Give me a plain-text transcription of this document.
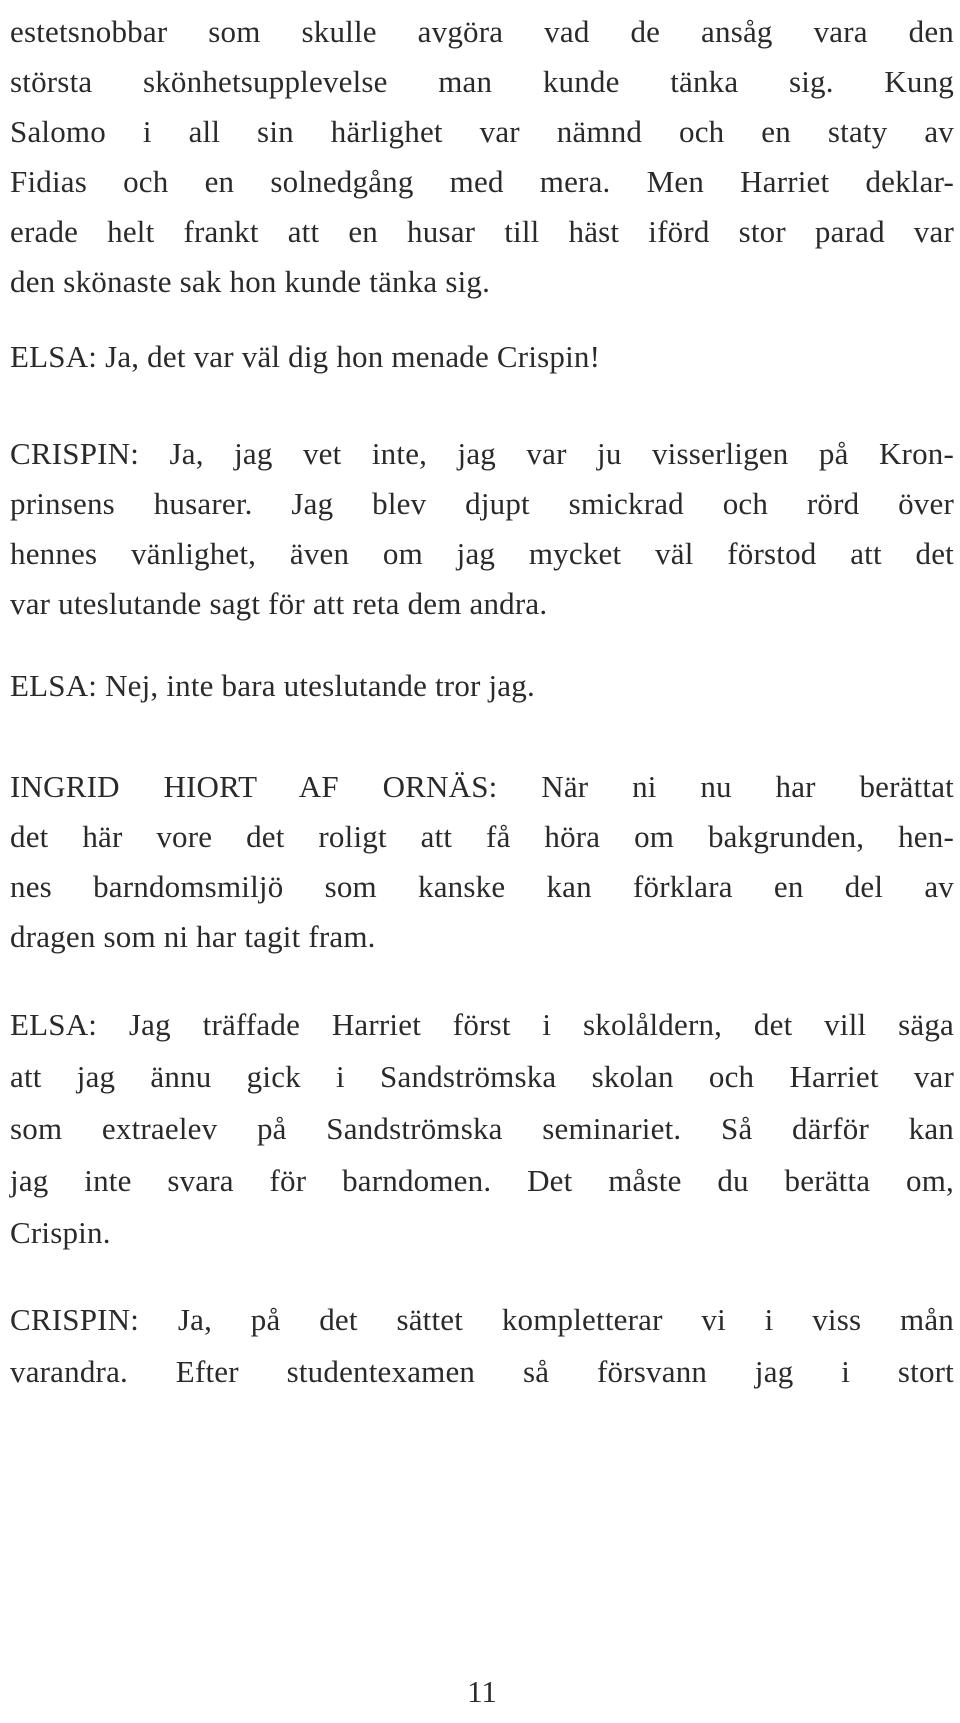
estetsnobbar som skulle avgöra vad de ansåg vara den
största skönhetsupplevelse man kunde tänka sig. Kung
Salomo i all sin härlighet var nämnd och en staty av
Fidias och en solnedgång med mera. Men Harriet deklar-
erade helt frankt att en husar till häst iförd stor parad var
den skönaste sak hon kunde tänka sig.
ELSA: Ja, det var väl dig hon menade Crispin!
CRISPIN: Ja, jag vet inte, jag var ju visserligen på Kron-
prinsens husarer. Jag blev djupt smickrad och rörd över
hennes vänlighet, även om jag mycket väl förstod att det
var uteslutande sagt för att reta dem andra.
ELSA: Nej, inte bara uteslutande tror jag.
INGRID HIORT AF ORNÄS: När ni nu har berättat
det här vore det roligt att få höra om bakgrunden, hen-
nes barndomsmiljö som kanske kan förklara en del av
dragen som ni har tagit fram.
ELSA: Jag träffade Harriet först i skolåldern, det vill säga
att jag ännu gick i Sandströmska skolan och Harriet var
som extraelev på Sandströmska seminariet. Så därför kan
jag inte svara för barndomen. Det måste du berätta om,
Crispin.
CRISPIN: Ja, på det sättet kompletterar vi i viss mån
varandra. Efter studentexamen så försvann jag i stort
11
